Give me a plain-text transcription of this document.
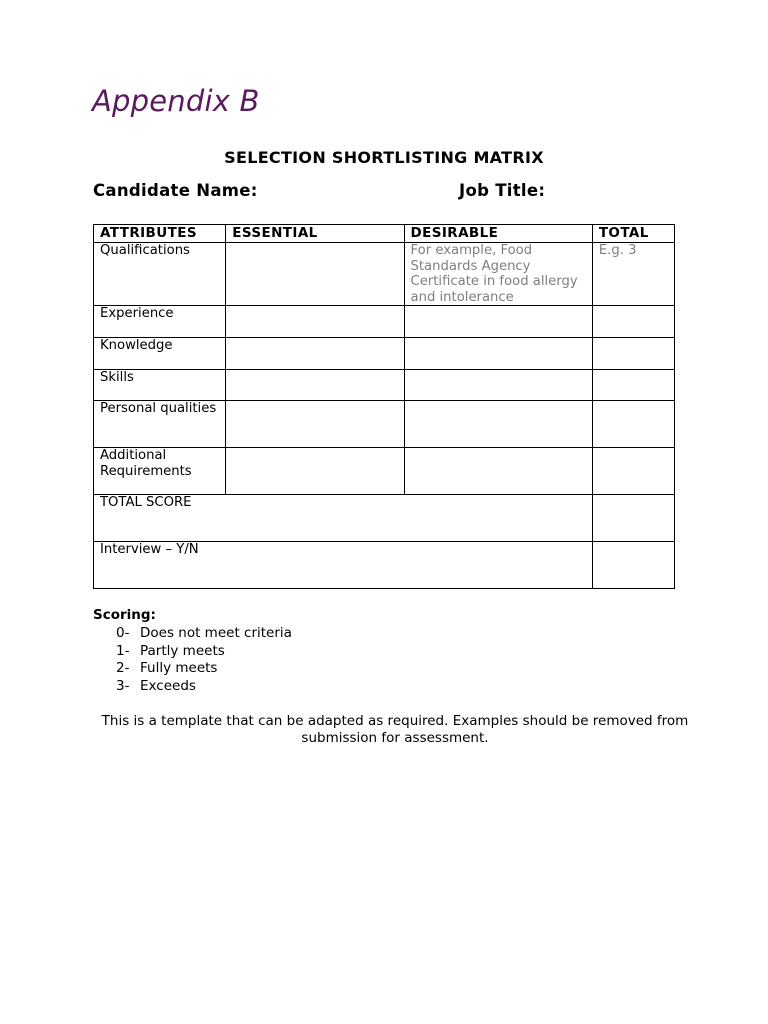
Appendix B
SELECTION SHORTLISTING MATRIX
Candidate Name:	Job Title:
ATTRIBUTES	ESSENTIAL	DESIRABLE	TOTAL
Qualifications		For example, Food Standards Agency Certificate in food allergy and intolerance	E.g. 3
Experience			
Knowledge			
Skills			
Personal qualities			
Additional Requirements			
TOTAL SCORE			
Interview – Y/N			
Scoring:
0- Does not meet criteria
1- Partly meets
2- Fully meets
3- Exceeds

This is a template that can be adapted as required. Examples should be removed from submission for assessment.
